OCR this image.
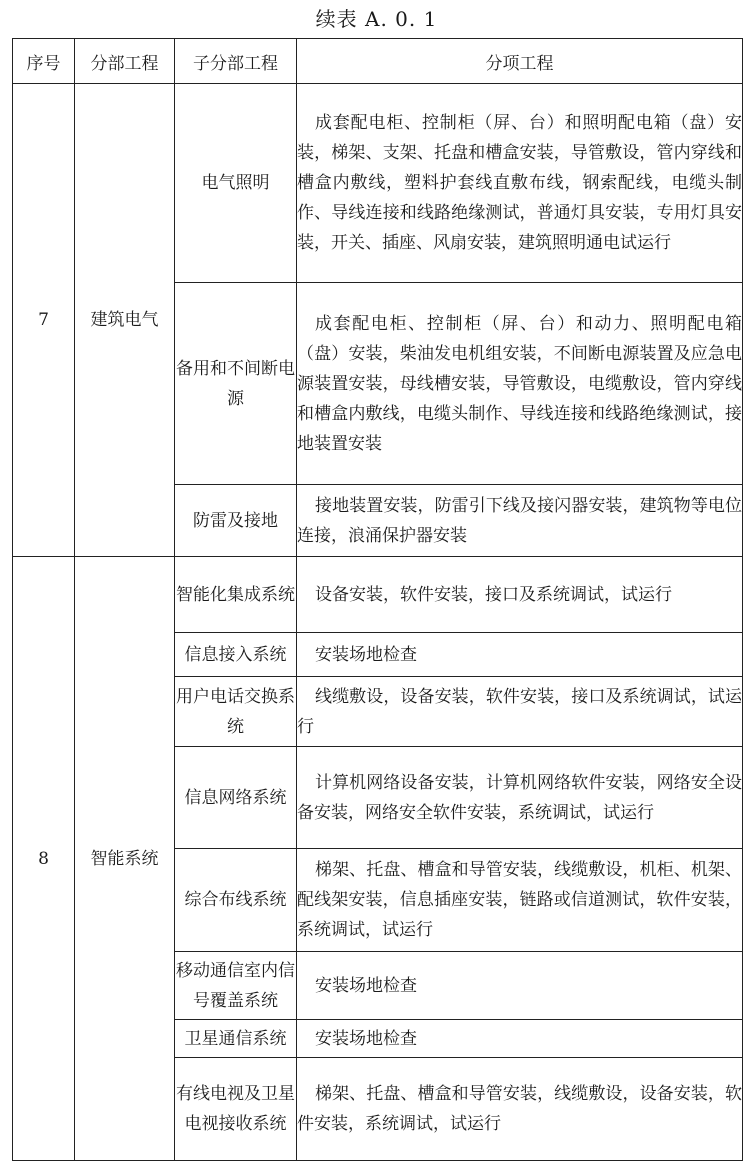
续表 A. 0. 1
序号	分部工程	子分部工程	分项工程
7	建筑电气	电气照明	成套配电柜、控制柜（屏、台）和照明配电箱（盘）安装，梯架、支架、托盘和槽盒安装，导管敷设，管内穿线和槽盒内敷线，塑料护套线直敷布线，钢索配线，电缆头制作、导线连接和线路绝缘测试，普通灯具安装，专用灯具安装，开关、插座、风扇安装，建筑照明通电试运行

		备用和不间断电源	成套配电柜、控制柜（屏、台）和动力、照明配电箱（盘）安装，柴油发电机组安装，不间断电源装置及应急电源装置安装，母线槽安装，导管敷设，电缆敷设，管内穿线和槽盒内敷线，电缆头制作、导线连接和线路绝缘测试，接地装置安装

		防雷及接地	接地装置安装，防雷引下线及接闪器安装，建筑物等电位连接，浪涌保护器安装

8	智能系统	智能化集成系统	设备安装，软件安装，接口及系统调试，试运行

		信息接入系统	安装场地检查

		用户电话交换系统	线缆敷设，设备安装，软件安装，接口及系统调试，试运行

		信息网络系统	计算机网络设备安装，计算机网络软件安装，网络安全设备安装，网络安全软件安装，系统调试，试运行

		综合布线系统	梯架、托盘、槽盒和导管安装，线缆敷设，机柜、机架、配线架安装，信息插座安装，链路或信道测试，软件安装，系统调试，试运行

		移动通信室内信号覆盖系统	安装场地检查

		卫星通信系统	安装场地检查

		有线电视及卫星电视接收系统	梯架、托盘、槽盒和导管安装，线缆敷设，设备安装，软件安装，系统调试，试运行
